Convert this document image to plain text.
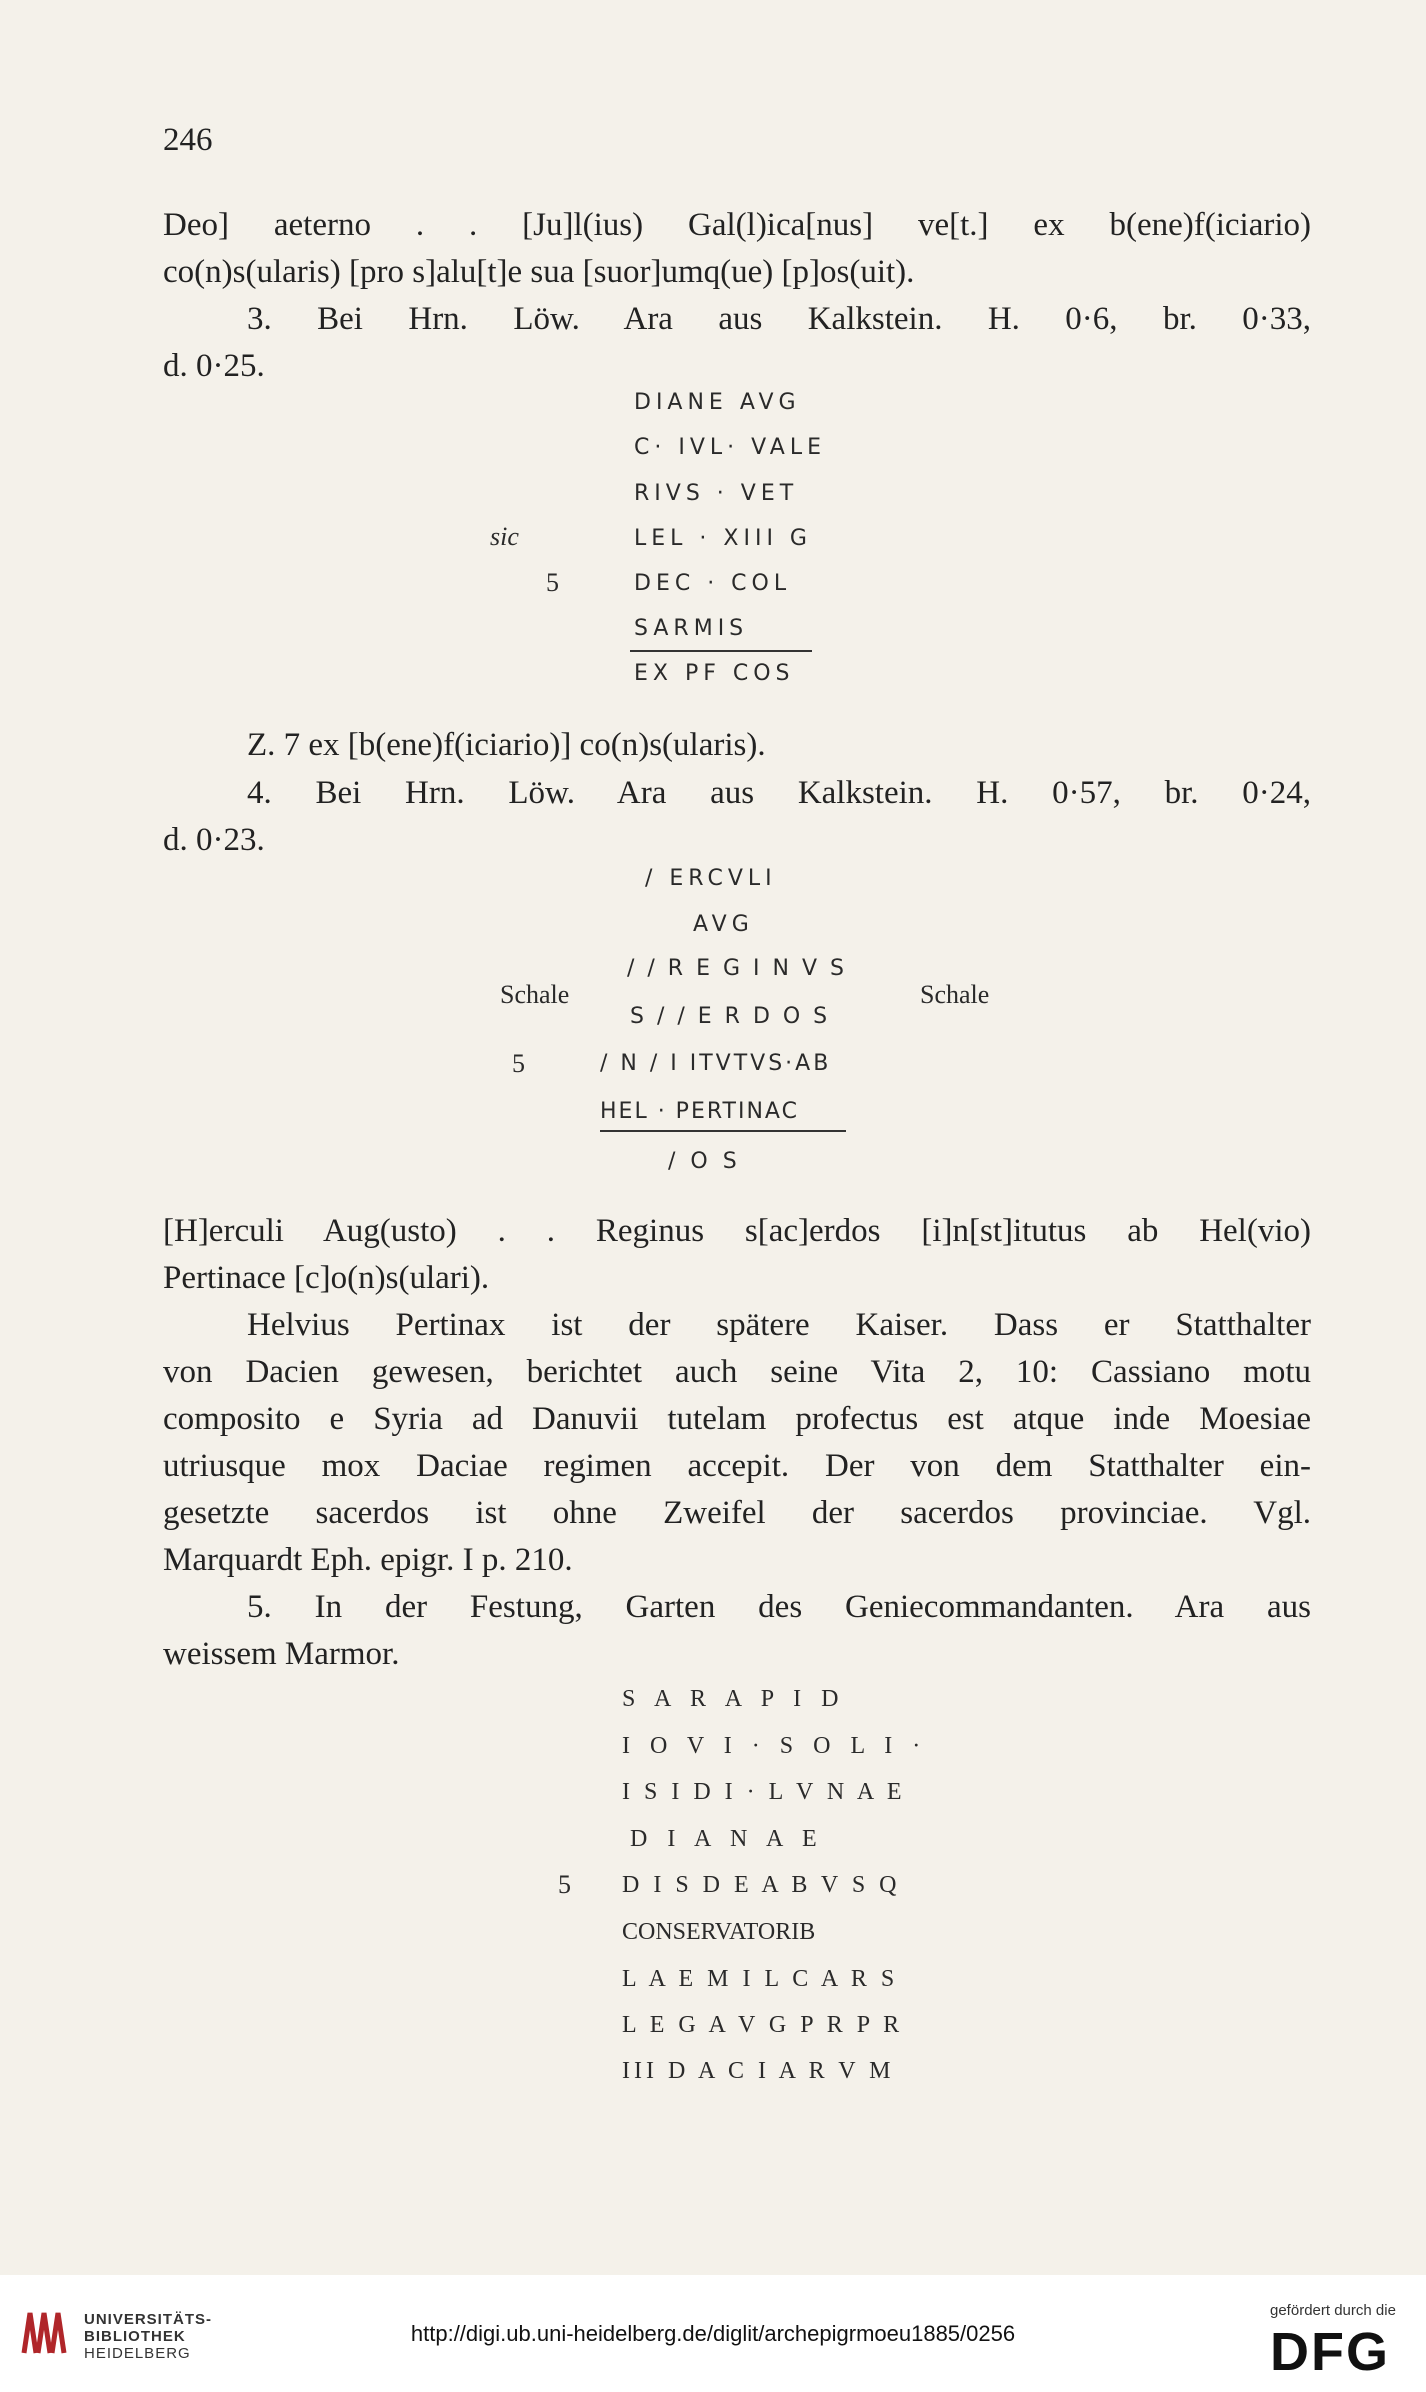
246

Deo] aeterno . . [Ju]l(ius) Gal(l)ica[nus] ve[t.] ex b(ene)f(iciario)

co(n)s(ularis) [pro s]alu[t]e sua [suor]umq(ue) [p]os(uit).

3. Bei Hrn. Löw. Ara aus Kalkstein. H. 0·6, br. 0·33,

d. 0·25.

DIANE AVG
C· IVL· VALE
RIVS · VET
sic	LEL · XIII G
5	DEC · COL
SARMIS
EX PF COS

Z. 7 ex [b(ene)f(iciario)] co(n)s(ularis).

4. Bei Hrn. Löw. Ara aus Kalkstein. H. 0·57, br. 0·24,

d. 0·23.

/ ERCVLI
AVG
/ / R E G I N V S
Schale	Schale
S / / E R D O S
5	/ N / I ITVTVS·AB
HEL · PERTINAC
/ O S

[H]erculi Aug(usto) . . Reginus s[ac]erdos [i]n[st]itutus ab Hel(vio)

Pertinace [c]o(n)s(ulari).

Helvius Pertinax ist der spätere Kaiser. Dass er Statthalter

von Dacien gewesen, berichtet auch seine Vita 2, 10: Cassiano motu

composito e Syria ad Danuvii tutelam profectus est atque inde Moesiae

utriusque mox Daciae regimen accepit. Der von dem Statthalter ein-

gesetzte sacerdos ist ohne Zweifel der sacerdos provinciae. Vgl.

Marquardt Eph. epigr. I p. 210.

5. In der Festung, Garten des Geniecommandanten. Ara aus

weissem Marmor.

S A R A P I D
I O V I · S O L I ·
I S I D I · L V N A E
D I A N A E
5 D I S D E A B V S Q
CONSERVATORIB
L A E M I L C A R S
L E G A V G P R P R
III D A C I A R V M
UNIVERSITÄTS-
BIBLIOTHEK
HEIDELBERG
http://digi.ub.uni-heidelberg.de/diglit/archepigrmoeu1885/0256
gefördert durch die
DFG
